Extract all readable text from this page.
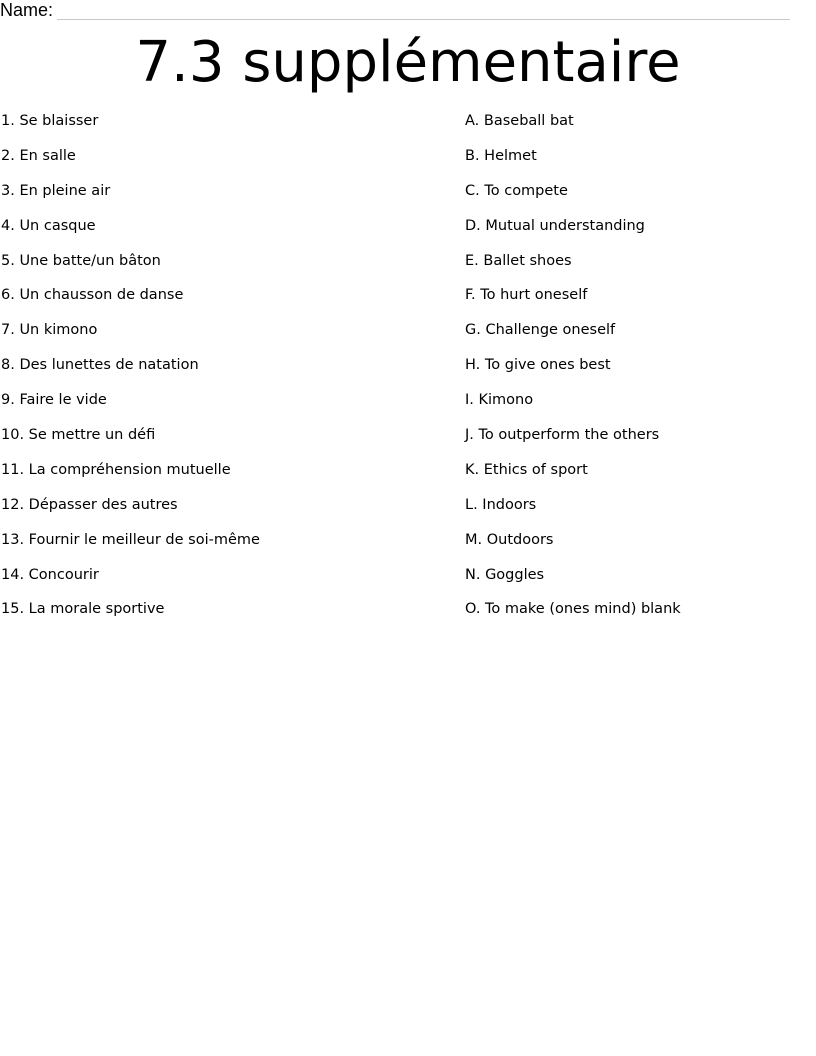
Name:
7.3 supplémentaire
1. Se blaisser
2. En salle
3. En pleine air
4. Un casque
5. Une batte/un bâton
6. Un chausson de danse
7. Un kimono
8. Des lunettes de natation
9. Faire le vide
10. Se mettre un défi
11. La compréhension mutuelle
12. Dépasser des autres
13. Fournir le meilleur de soi-même
14. Concourir
15. La morale sportive
A. Baseball bat
B. Helmet
C. To compete
D. Mutual understanding
E. Ballet shoes
F. To hurt oneself
G. Challenge oneself
H. To give ones best
I. Kimono
J. To outperform the others
K. Ethics of sport
L. Indoors
M. Outdoors
N. Goggles
O. To make (ones mind) blank
